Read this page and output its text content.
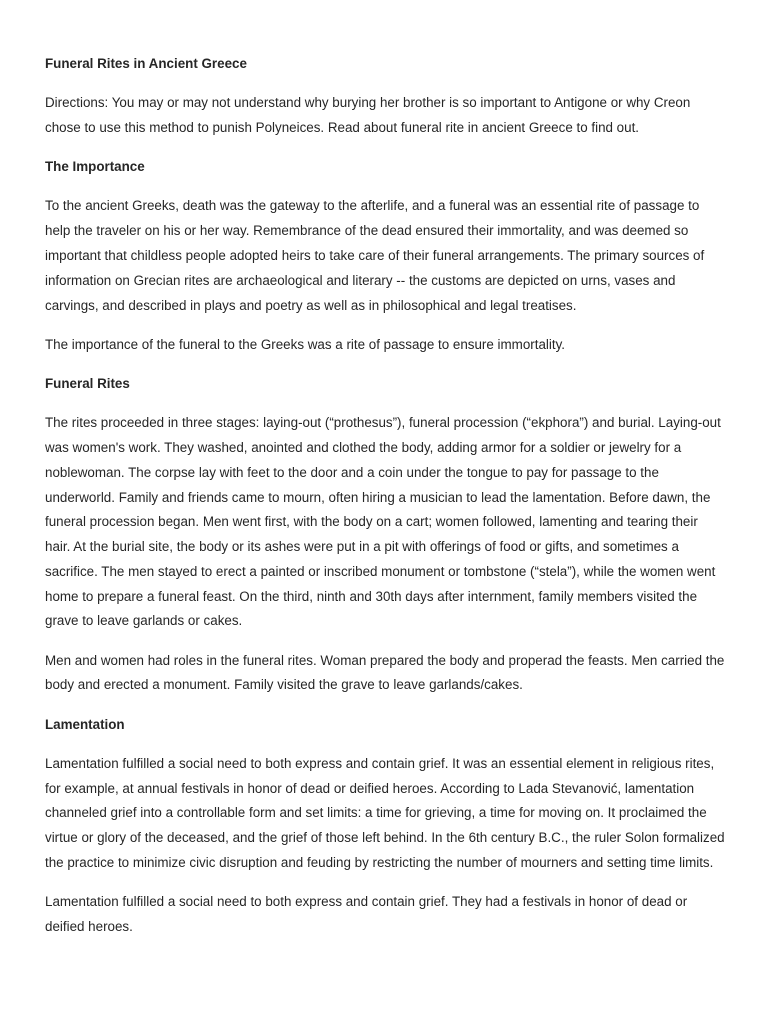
Funeral Rites in Ancient Greece

Directions: You may or may not understand why burying her brother is so important to Antigone or why Creon chose to use this method to punish Polyneices. Read about funeral rite in ancient Greece to find out.

The Importance

To the ancient Greeks, death was the gateway to the afterlife, and a funeral was an essential rite of passage to help the traveler on his or her way. Remembrance of the dead ensured their immortality, and was deemed so important that childless people adopted heirs to take care of their funeral arrangements. The primary sources of information on Grecian rites are archaeological and literary -- the customs are depicted on urns, vases and carvings, and described in plays and poetry as well as in philosophical and legal treatises.

The importance of the funeral to the Greeks was a rite of passage to ensure immortality.

Funeral Rites

The rites proceeded in three stages: laying-out (“prothesus”), funeral procession (“ekphora”) and burial. Laying-out was women's work. They washed, anointed and clothed the body, adding armor for a soldier or jewelry for a noblewoman. The corpse lay with feet to the door and a coin under the tongue to pay for passage to the underworld. Family and friends came to mourn, often hiring a musician to lead the lamentation. Before dawn, the funeral procession began. Men went first, with the body on a cart; women followed, lamenting and tearing their hair. At the burial site, the body or its ashes were put in a pit with offerings of food or gifts, and sometimes a sacrifice. The men stayed to erect a painted or inscribed monument or tombstone (“stela”), while the women went home to prepare a funeral feast. On the third, ninth and 30th days after internment, family members visited the grave to leave garlands or cakes.

Men and women had roles in the funeral rites. Woman prepared the body and properad the feasts. Men carried the body and erected a monument. Family visited the grave to leave garlands/cakes.

Lamentation

Lamentation fulfilled a social need to both express and contain grief. It was an essential element in religious rites, for example, at annual festivals in honor of dead or deified heroes. According to Lada Stevanović, lamentation channeled grief into a controllable form and set limits: a time for grieving, a time for moving on. It proclaimed the virtue or glory of the deceased, and the grief of those left behind. In the 6th century B.C., the ruler Solon formalized the practice to minimize civic disruption and feuding by restricting the number of mourners and setting time limits.

Lamentation fulfilled a social need to both express and contain grief. They had a festivals in honor of dead or deified heroes.
